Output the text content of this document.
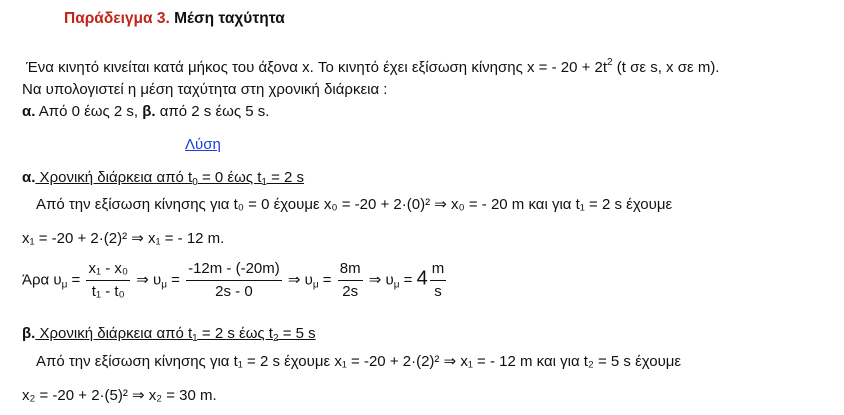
Παράδειγμα 3. Μέση ταχύτητα
Ένα κινητό κινείται κατά μήκος του άξονα x. Το κινητό έχει εξίσωση κίνησης x = - $20 + 2t^2$ (t σε s, x σε m).
Να υπολογιστεί η μέση ταχύτητα στη χρονική διάρκεια :
α. Από 0 έως 2 s, β. από 2 s έως 5 s.
Λύση
α. Χρονική διάρκεια από $t_0 = 0$ έως $t_1 = 2$ s
Από την εξίσωση κίνησης για t₀ = 0 έχουμε x₀ = -20 + 2·(0)² ⇒ x₀ = - 20 m και για t₁ = 2 s έχουμε
x₁ = -20 + 2·(2)² ⇒ x₁ = - 12 m.
Άρα $\upsilon_\mu = \frac{\text{x₁ - x₀}}{\text{t₁ - t₀}}$ ⇒ $\upsilon_\mu = \frac{-12m - (-20m)}{2s - 0}$ ⇒ $\upsilon_\mu = \frac{8m}{2s}$ ⇒ $\upsilon_\mu = 4 \frac{m}{s}$
β. Χρονική διάρκεια από $t_1 = 2$ s έως $t_2 = 5$ s
Από την εξίσωση κίνησης για t₁ = 2 s έχουμε x₁ = -20 + 2·(2)² ⇒ x₁ = - 12 m και για t₂ = 5 s έχουμε
x₂ = -20 + 2·(5)² ⇒ x₂ = 30 m.
